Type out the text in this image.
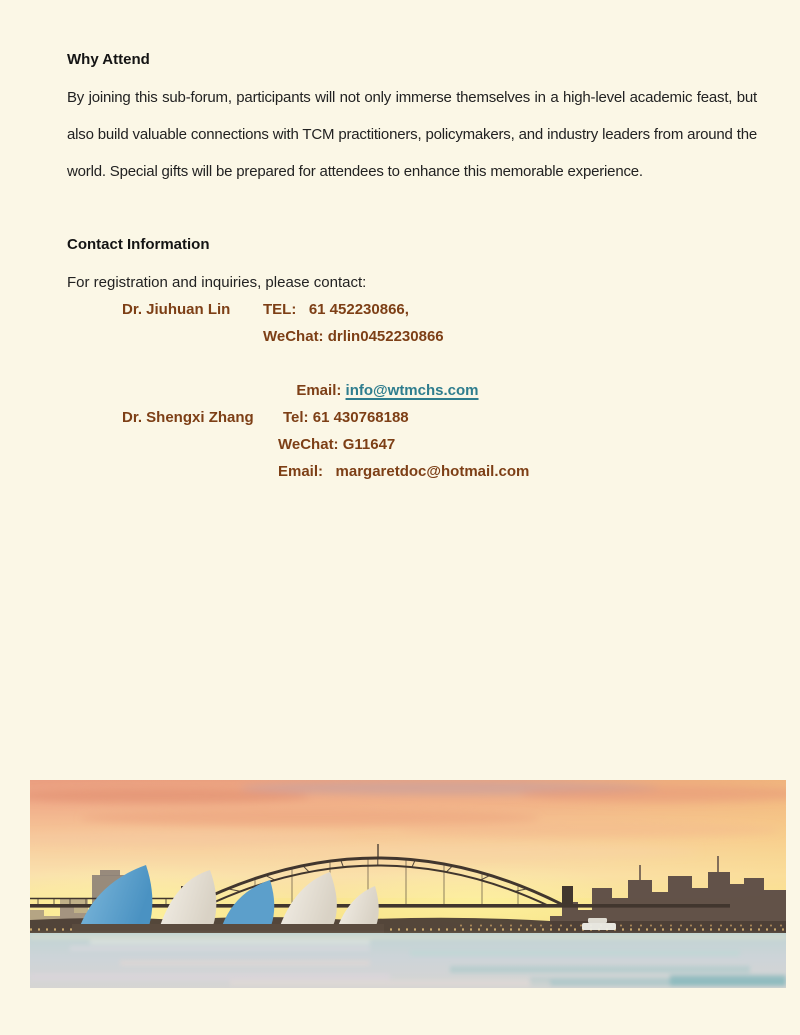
Why Attend

By joining this sub-forum, participants will not only immerse themselves in a high-level academic feast, but also build valuable connections with TCM practitioners, policymakers, and industry leaders from around the world. Special gifts will be prepared for attendees to enhance this memorable experience.

Contact Information

For registration and inquiries, please contact:

Dr. Jiuhuan Lin	TEL:   61 452230866,
WeChat: drlin0452230866

Email: info@wtmchs.com

Dr. Shengxi Zhang	Tel: 61 430768188
WeChat: G11647
Email:   margaretdoc@hotmail.com
